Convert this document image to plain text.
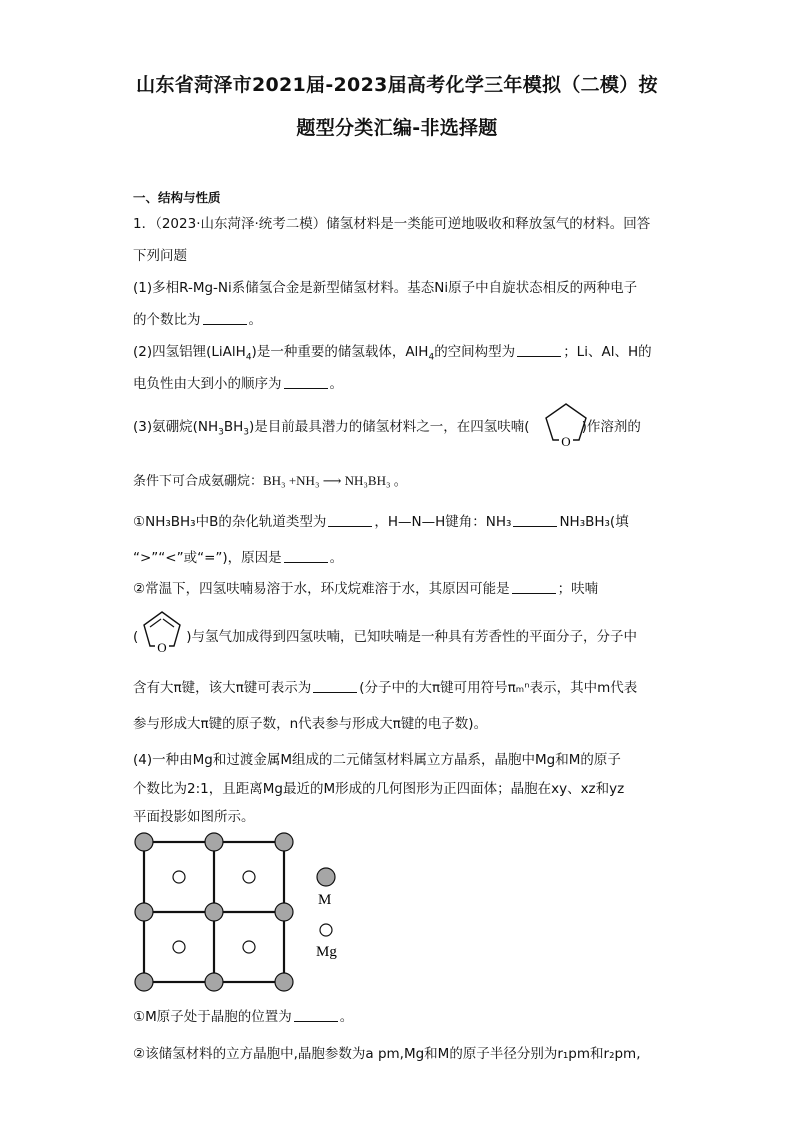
山东省菏泽市2021届-2023届高考化学三年模拟（二模）按
题型分类汇编-非选择题
一、结构与性质
1．（2023·山东菏泽·统考二模）储氢材料是一类能可逆地吸收和释放氢气的材料。回答
下列问题
(1)多相R-Mg-Ni系储氢合金是新型储氢材料。基态Ni原子中自旋状态相反的两种电子
的个数比为	。
(2)四氢铝锂(LiAlH$_4$)是一种重要的储氢载体，AlH$_4$的空间构型为	；Li、Al、H的
电负性由大到小的顺序为	。
(3)氨硼烷$(NH_3BH_3)$是目前最具潜力的储氢材料之一，在四氢呋喃(	)作溶剂的
O
条件下可合成氨硼烷：BH₃ +NH₃ ⟶ NH₃BH₃ 。
①NH₃BH₃中B的杂化轨道类型为	，H—N—H键角：NH₃	NH₃BH₃(填
“>”“<”或“=”)，原因是	。
②常温下，四氢呋喃易溶于水，环戊烷难溶于水，其原因可能是	；呋喃
(	)与氢气加成得到四氢呋喃，已知呋喃是一种具有芳香性的平面分子，分子中
O
含有大π键，该大π键可表示为	(分子中的大π键可用符号πₘⁿ表示，其中m代表
参与形成大π键的原子数，n代表参与形成大π键的电子数)。
(4)一种由Mg和过渡金属M组成的二元储氢材料属立方晶系，晶胞中Mg和M的原子
个数比为2:1，且距离Mg最近的M形成的几何图形为正四面体；晶胞在xy、xz和yz
平面投影如图所示。
M
Mg
①M原子处于晶胞的位置为	。
②该储氢材料的立方晶胞中,晶胞参数为a pm,Mg和M的原子半径分别为r₁pm和r₂pm,
